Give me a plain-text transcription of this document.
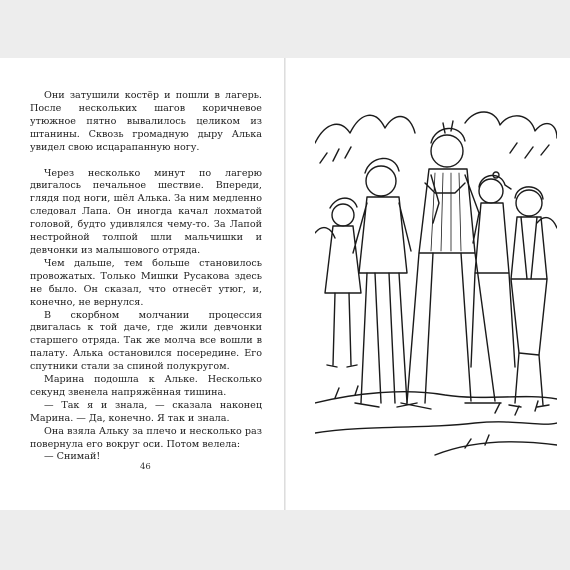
Они затушили костёр и пошли в лагерь. После нескольких шагов коричневое утюжное пятно вывалилось целиком из штанины. Сквозь громадную дыру Алька увидел свою исцарапанную ногу.

Через несколько минут по лагерю двигалось печальное шествие. Впереди, глядя под ноги, шёл Алька. За ним медленно следовал Лапа. Он иногда качал лохматой головой, будто удивлялся чему-то. За Лапой нестройной толпой шли мальчишки и девчонки из малышового отряда.

Чем дальше, тем больше становилось провожатых. Только Мишки Русакова здесь не было. Он сказал, что отнесёт утюг, и, конечно, не вернулся.

В скорбном молчании процессия двигалась к той даче, где жили девчонки старшего отряда. Так же молча все вошли в палату. Алька остановился посередине. Его спутники стали за спиной полукругом.

Марина подошла к Альке. Несколько секунд звенела напряжённая тишина.

— Так я и знала, — сказала наконец Марина. — Да, конечно. Я так и знала.

Она взяла Альку за плечо и несколько раз повернула его вокруг оси. Потом велела:

— Снимай!

46
